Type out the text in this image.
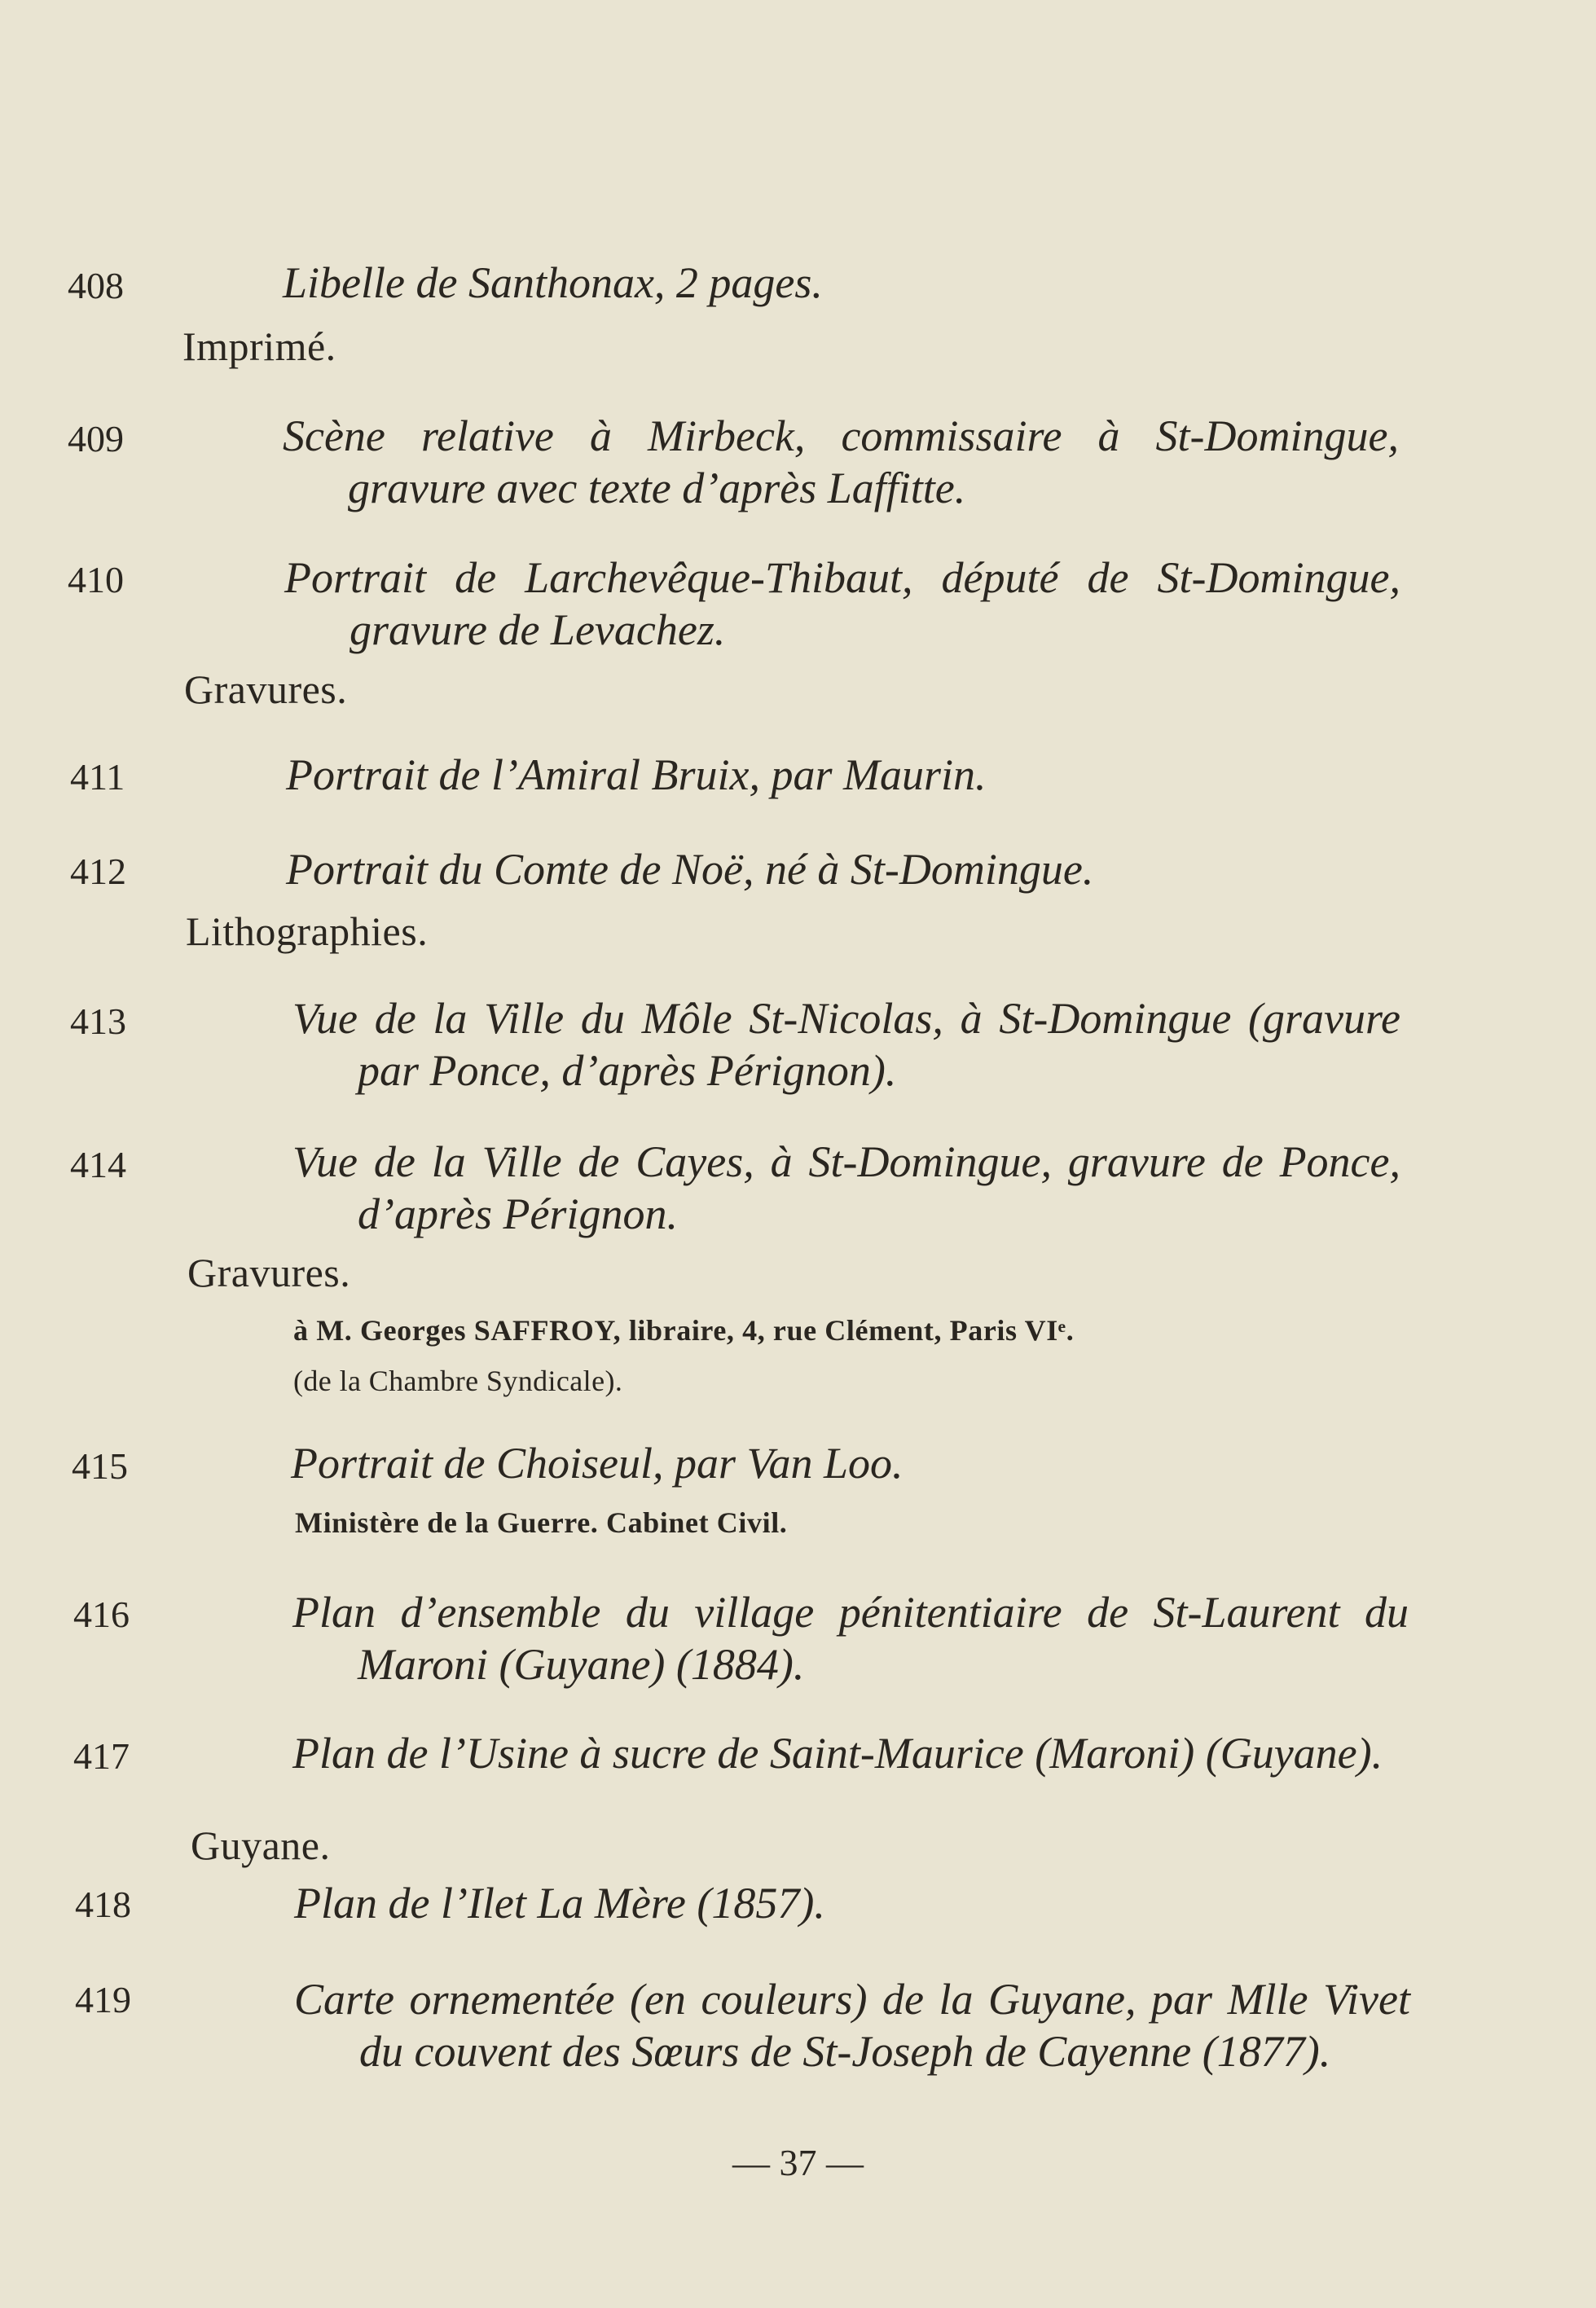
408	Libelle de Santhonax, 2 pages.
Imprimé.
409	Scène relative à Mirbeck, commissaire à St-Domingue,
gravure avec texte d’après Laffitte.
410	Portrait de Larchevêque-Thibaut, député de St-Domingue,
gravure de Levachez.
Gravures.
411	Portrait de l’Amiral Bruix, par Maurin.
412	Portrait du Comte de Noë, né à St-Domingue.
Lithographies.
413	Vue de la Ville du Môle St-Nicolas, à St-Domingue (gravure
par Ponce, d’après Pérignon).
414	Vue de la Ville de Cayes, à St-Domingue, gravure de Ponce,
d’après Pérignon.
Gravures.
à M. Georges SAFFROY, libraire, 4, rue Clément, Paris VIᵉ.
(de la Chambre Syndicale).
415	Portrait de Choiseul, par Van Loo.
Ministère de la Guerre. Cabinet Civil.
416	Plan d’ensemble du village pénitentiaire de St-Laurent du
Maroni (Guyane) (1884).
417	Plan de l’Usine à sucre de Saint-Maurice (Maroni) (Guyane).
Guyane.
418	Plan de l’Ilet La Mère (1857).
419	Carte ornementée (en couleurs) de la Guyane, par Mlle Vivet
du couvent des Sœurs de St-Joseph de Cayenne (1877).
— 37 —
